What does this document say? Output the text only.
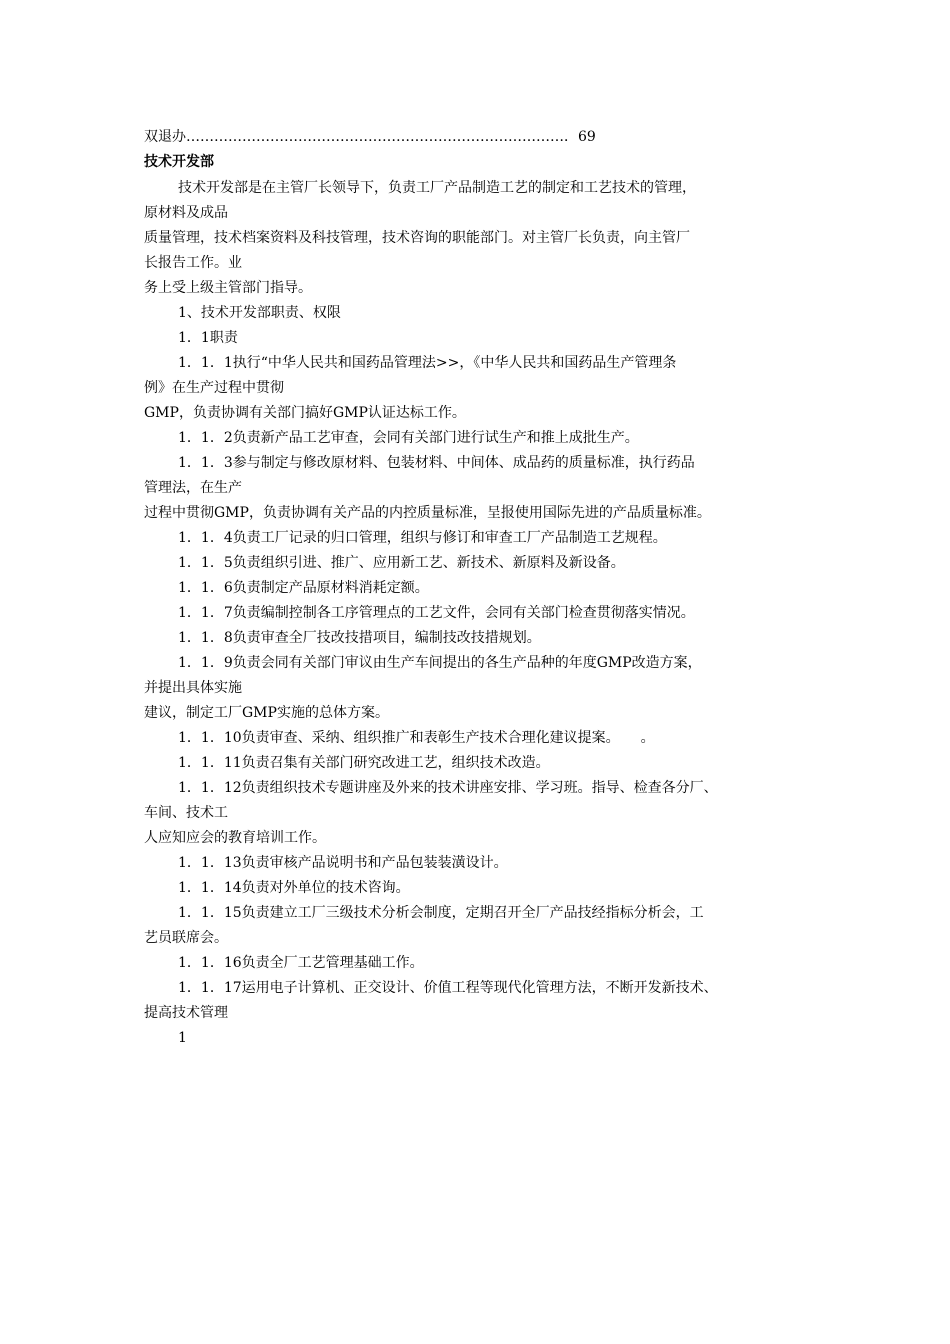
双退办………………………………………………………………………．69
技术开发部
技术开发部是在主管厂长领导下，负责工厂产品制造工艺的制定和工艺技术的管理，
原材料及成品
质量管理，技术档案资料及科技管理，技术咨询的职能部门。对主管厂长负责，向主管厂
长报告工作。业
务上受上级主管部门指导。
1、技术开发部职责、权限
1．1职责
1．1．1执行“中华人民共和国药品管理法>>，《中华人民共和国药品生产管理条
例》在生产过程中贯彻
GMP，负责协调有关部门搞好GMP认证达标工作。
1．1．2负责新产品工艺审查，会同有关部门进行试生产和推上成批生产。
1．1．3参与制定与修改原材料、包装材料、中间体、成品药的质量标准，执行药品
管理法，在生产
过程中贯彻GMP，负责协调有关产品的内控质量标准，呈报使用国际先进的产品质量标准。
1．1．4负责工厂记录的归口管理，组织与修订和审查工厂产品制造工艺规程。
1．1．5负责组织引进、推广、应用新工艺、新技术、新原料及新设备。
1．1．6负责制定产品原材料消耗定额。
1．1．7负责编制控制各工序管理点的工艺文件，会同有关部门检查贯彻落实情况。
1．1．8负责审查全厂技改技措项目，编制技改技措规划。
1．1．9负责会同有关部门审议由生产车间提出的各生产品种的年度GMP改造方案，
并提出具体实施
建议，制定工厂GMP实施的总体方案。
1．1．10负责审查、采纳、组织推广和表彰生产技术合理化建议提案。　　。
1．1．11负责召集有关部门研究改进工艺，组织技术改造。
1．1．12负责组织技术专题讲座及外来的技术讲座安排、学习班。指导、检查各分厂、
车间、技术工
人应知应会的教育培训工作。
1．1．13负责审核产品说明书和产品包装装潢设计。
1．1．14负责对外单位的技术咨询。
1．1．15负责建立工厂三级技术分析会制度，定期召开全厂产品技经指标分析会，工
艺员联席会。
1．1．16负责全厂工艺管理基础工作。
1．1．17运用电子计算机、正交设计、价值工程等现代化管理方法，不断开发新技术、
提高技术管理
1
